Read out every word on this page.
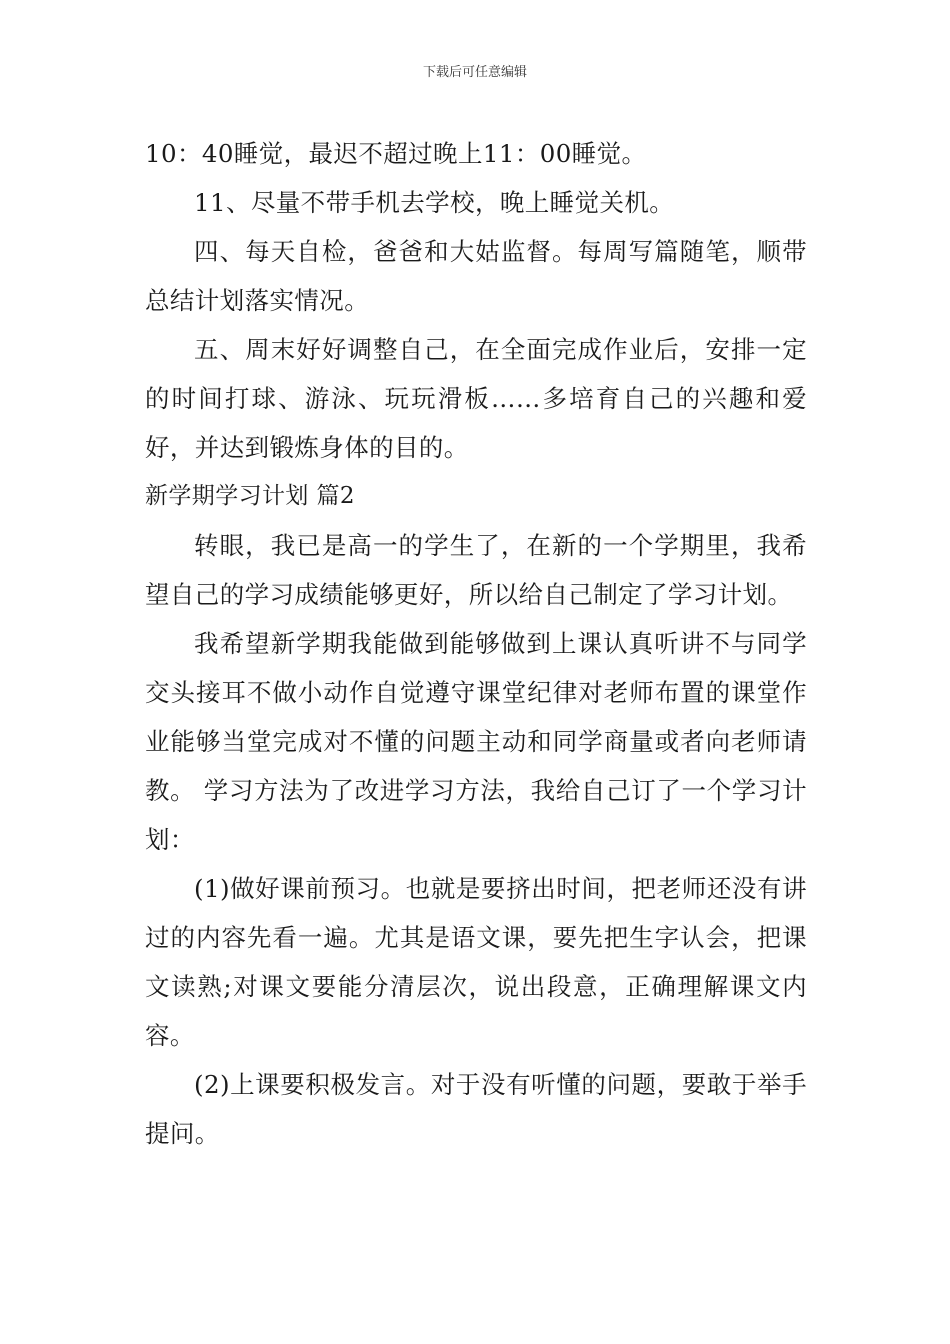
下载后可任意编辑

10：40睡觉，最迟不超过晚上11：00睡觉。

11、尽量不带手机去学校，晚上睡觉关机。

四、每天自检，爸爸和大姑监督。每周写篇随笔，顺带总结计划落实情况。

五、周末好好调整自己，在全面完成作业后，安排一定的时间打球、游泳、玩玩滑板……多培育自己的兴趣和爱好，并达到锻炼身体的目的。

新学期学习计划 篇2

转眼，我已是高一的学生了，在新的一个学期里，我希望自己的学习成绩能够更好，所以给自己制定了学习计划。

我希望新学期我能做到能够做到上课认真听讲不与同学交头接耳不做小动作自觉遵守课堂纪律对老师布置的课堂作业能够当堂完成对不懂的问题主动和同学商量或者向老师请教。 学习方法为了改进学习方法，我给自己订了一个学习计划：

(1)做好课前预习。也就是要挤出时间，把老师还没有讲过的内容先看一遍。尤其是语文课，要先把生字认会，把课文读熟;对课文要能分清层次，说出段意，正确理解课文内容。

(2)上课要积极发言。对于没有听懂的问题，要敢于举手提问。
